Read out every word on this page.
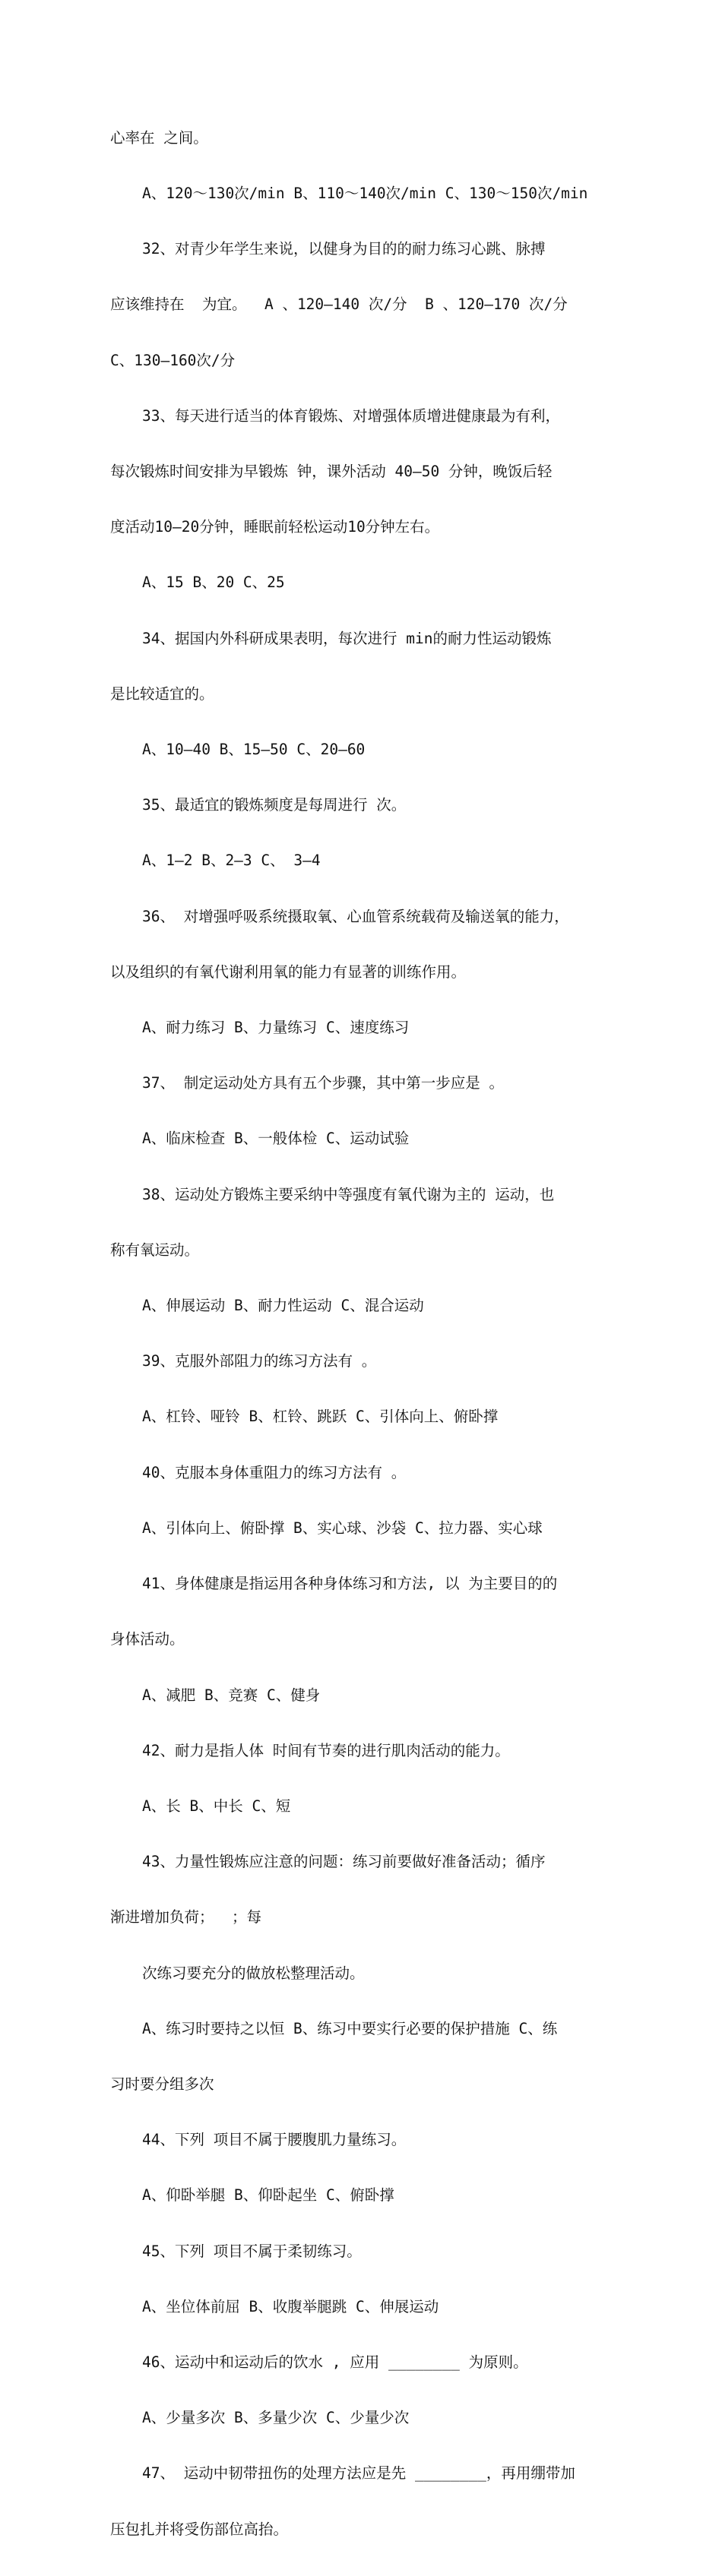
心率在 之间。

A、120～130次/min B、110～140次/min C、130～150次/min

32、对青少年学生来说，以健身为目的的耐力练习心跳、脉搏

应该维持在  为宜。  A 、120—140 次/分  B 、120—170 次/分

C、130—160次/分

33、每天进行适当的体育锻炼、对增强体质增进健康最为有利，

每次锻炼时间安排为早锻炼 钟，课外活动 40—50 分钟，晚饭后轻

度活动10—20分钟，睡眠前轻松运动10分钟左右。

A、15 B、20 C、25

34、据国内外科研成果表明，每次进行 min的耐力性运动锻炼

是比较适宜的。

A、10—40 B、15—50 C、20—60

35、最适宜的锻炼频度是每周进行 次。

A、1—2 B、2—3 C、 3—4

36、 对增强呼吸系统摄取氧、心血管系统载荷及输送氧的能力，

以及组织的有氧代谢利用氧的能力有显著的训练作用。

A、耐力练习 B、力量练习 C、速度练习

37、 制定运动处方具有五个步骤，其中第一步应是 。

A、临床检查 B、一般体检 C、运动试验

38、运动处方锻炼主要采纳中等强度有氧代谢为主的 运动，也

称有氧运动。

A、伸展运动 B、耐力性运动 C、混合运动

39、克服外部阻力的练习方法有 。

A、杠铃、哑铃 B、杠铃、跳跃 C、引体向上、俯卧撑

40、克服本身体重阻力的练习方法有 。

A、引体向上、俯卧撑 B、实心球、沙袋 C、拉力器、实心球

41、身体健康是指运用各种身体练习和方法, 以 为主要目的的

身体活动。

A、减肥 B、竞赛 C、健身

42、耐力是指人体 时间有节奏的进行肌肉活动的能力。

A、长 B、中长 C、短

43、力量性锻炼应注意的问题：练习前要做好准备活动；循序

渐进增加负荷；  ；每

次练习要充分的做放松整理活动。

A、练习时要持之以恒 B、练习中要实行必要的保护措施 C、练

习时要分组多次

44、下列 项目不属于腰腹肌力量练习。

A、仰卧举腿 B、仰卧起坐 C、俯卧撑

45、下列 项目不属于柔韧练习。

A、坐位体前屈 B、收腹举腿跳 C、伸展运动

46、运动中和运动后的饮水 , 应用 ________ 为原则。

A、少量多次 B、多量少次 C、少量少次

47、 运动中韧带扭伤的处理方法应是先 ________，再用绷带加

压包扎并将受伤部位高抬。
